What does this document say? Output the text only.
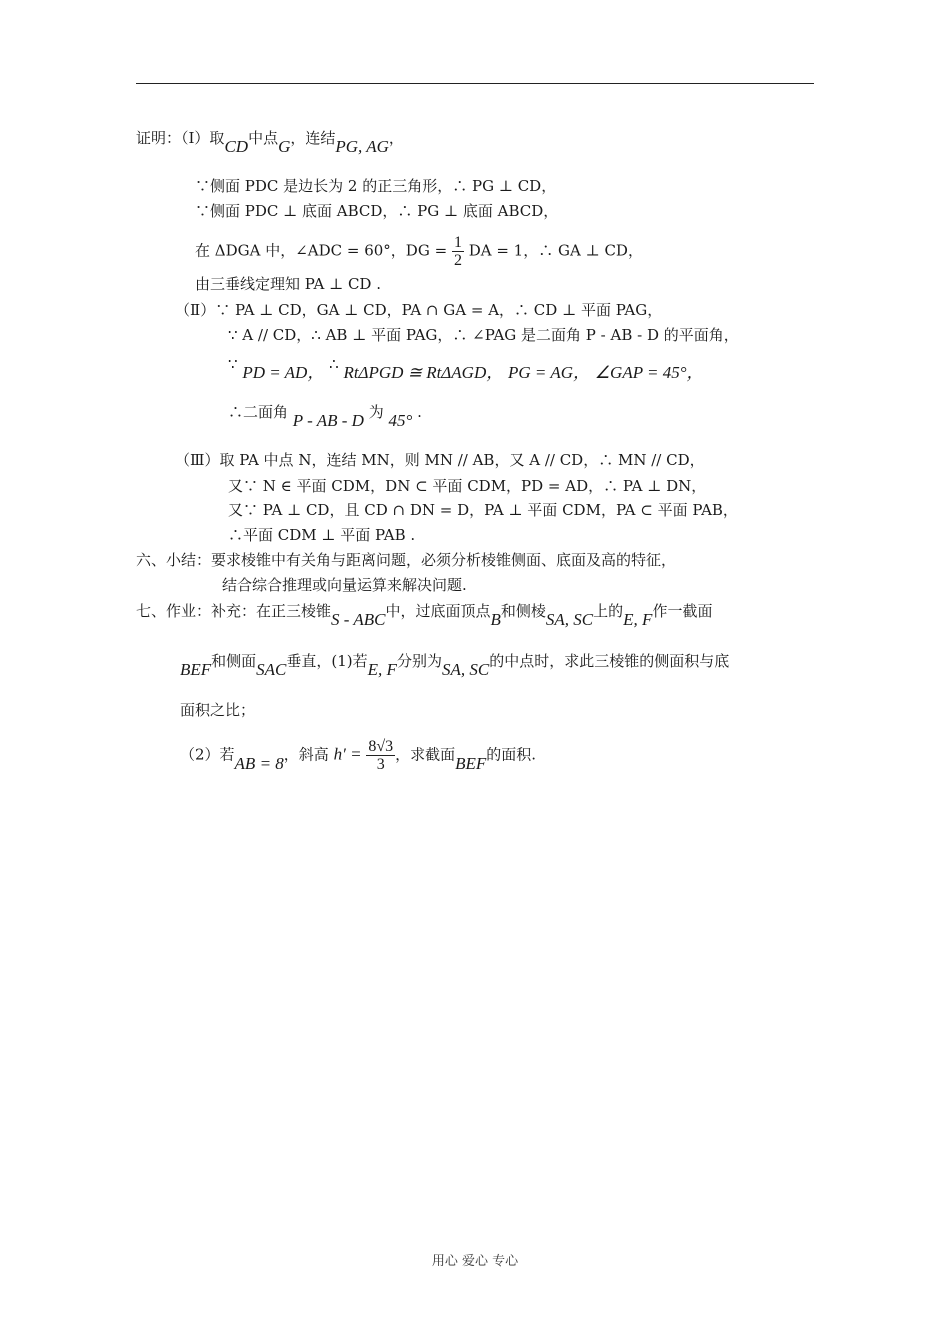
证明：（Ⅰ）取CD中点G，连结PG, AG，
∵侧面 PDC 是边长为 2 的正三角形，∴ PG ⊥ CD，
∵侧面 PDC ⊥ 底面 ABCD，∴ PG ⊥ 底面 ABCD，
在 ΔDGA 中，∠ADC = 60°，DG = $\frac{1}{2}$ DA = 1，∴ GA ⊥ CD，
由三垂线定理知 PA ⊥ CD .
（Ⅱ）∵ PA ⊥ CD，GA ⊥ CD，PA ∩ GA = A，∴ CD ⊥ 平面 PAG，
∵ A // CD，∴ AB ⊥ 平面 PAG，∴ ∠PAG 是二面角 P - AB - D 的平面角，
∵ PD = AD， ∴ RtΔPGD ≅ RtΔAGD， PG = AG， ∠GAP = 45°，
∴二面角 P - AB - D 为 45° .
（Ⅲ）取 PA 中点 N，连结 MN，则 MN // AB，又 A // CD，∴ MN // CD，
又∵ N ∈ 平面 CDM，DN ⊂ 平面 CDM，PD = AD，∴ PA ⊥ DN，
又∵ PA ⊥ CD，且 CD ∩ DN = D，PA ⊥ 平面 CDM，PA ⊂ 平面 PAB，
∴平面 CDM ⊥ 平面 PAB .
六、小结：要求棱锥中有关角与距离问题，必须分析棱锥侧面、底面及高的特征，
结合综合推理或向量运算来解决问题.
七、作业：补充：在正三棱锥S - ABC中，过底面顶点B和侧棱SA, SC上的E, F作一截面
BEF和侧面SAC垂直，(1)若E, F分别为SA, SC的中点时，求此三棱锥的侧面积与底
面积之比；
（2）若AB = 8，斜高 $h' = \frac{8√3}{3}$ ，求截面BEF的面积.
用心 爱心 专心
